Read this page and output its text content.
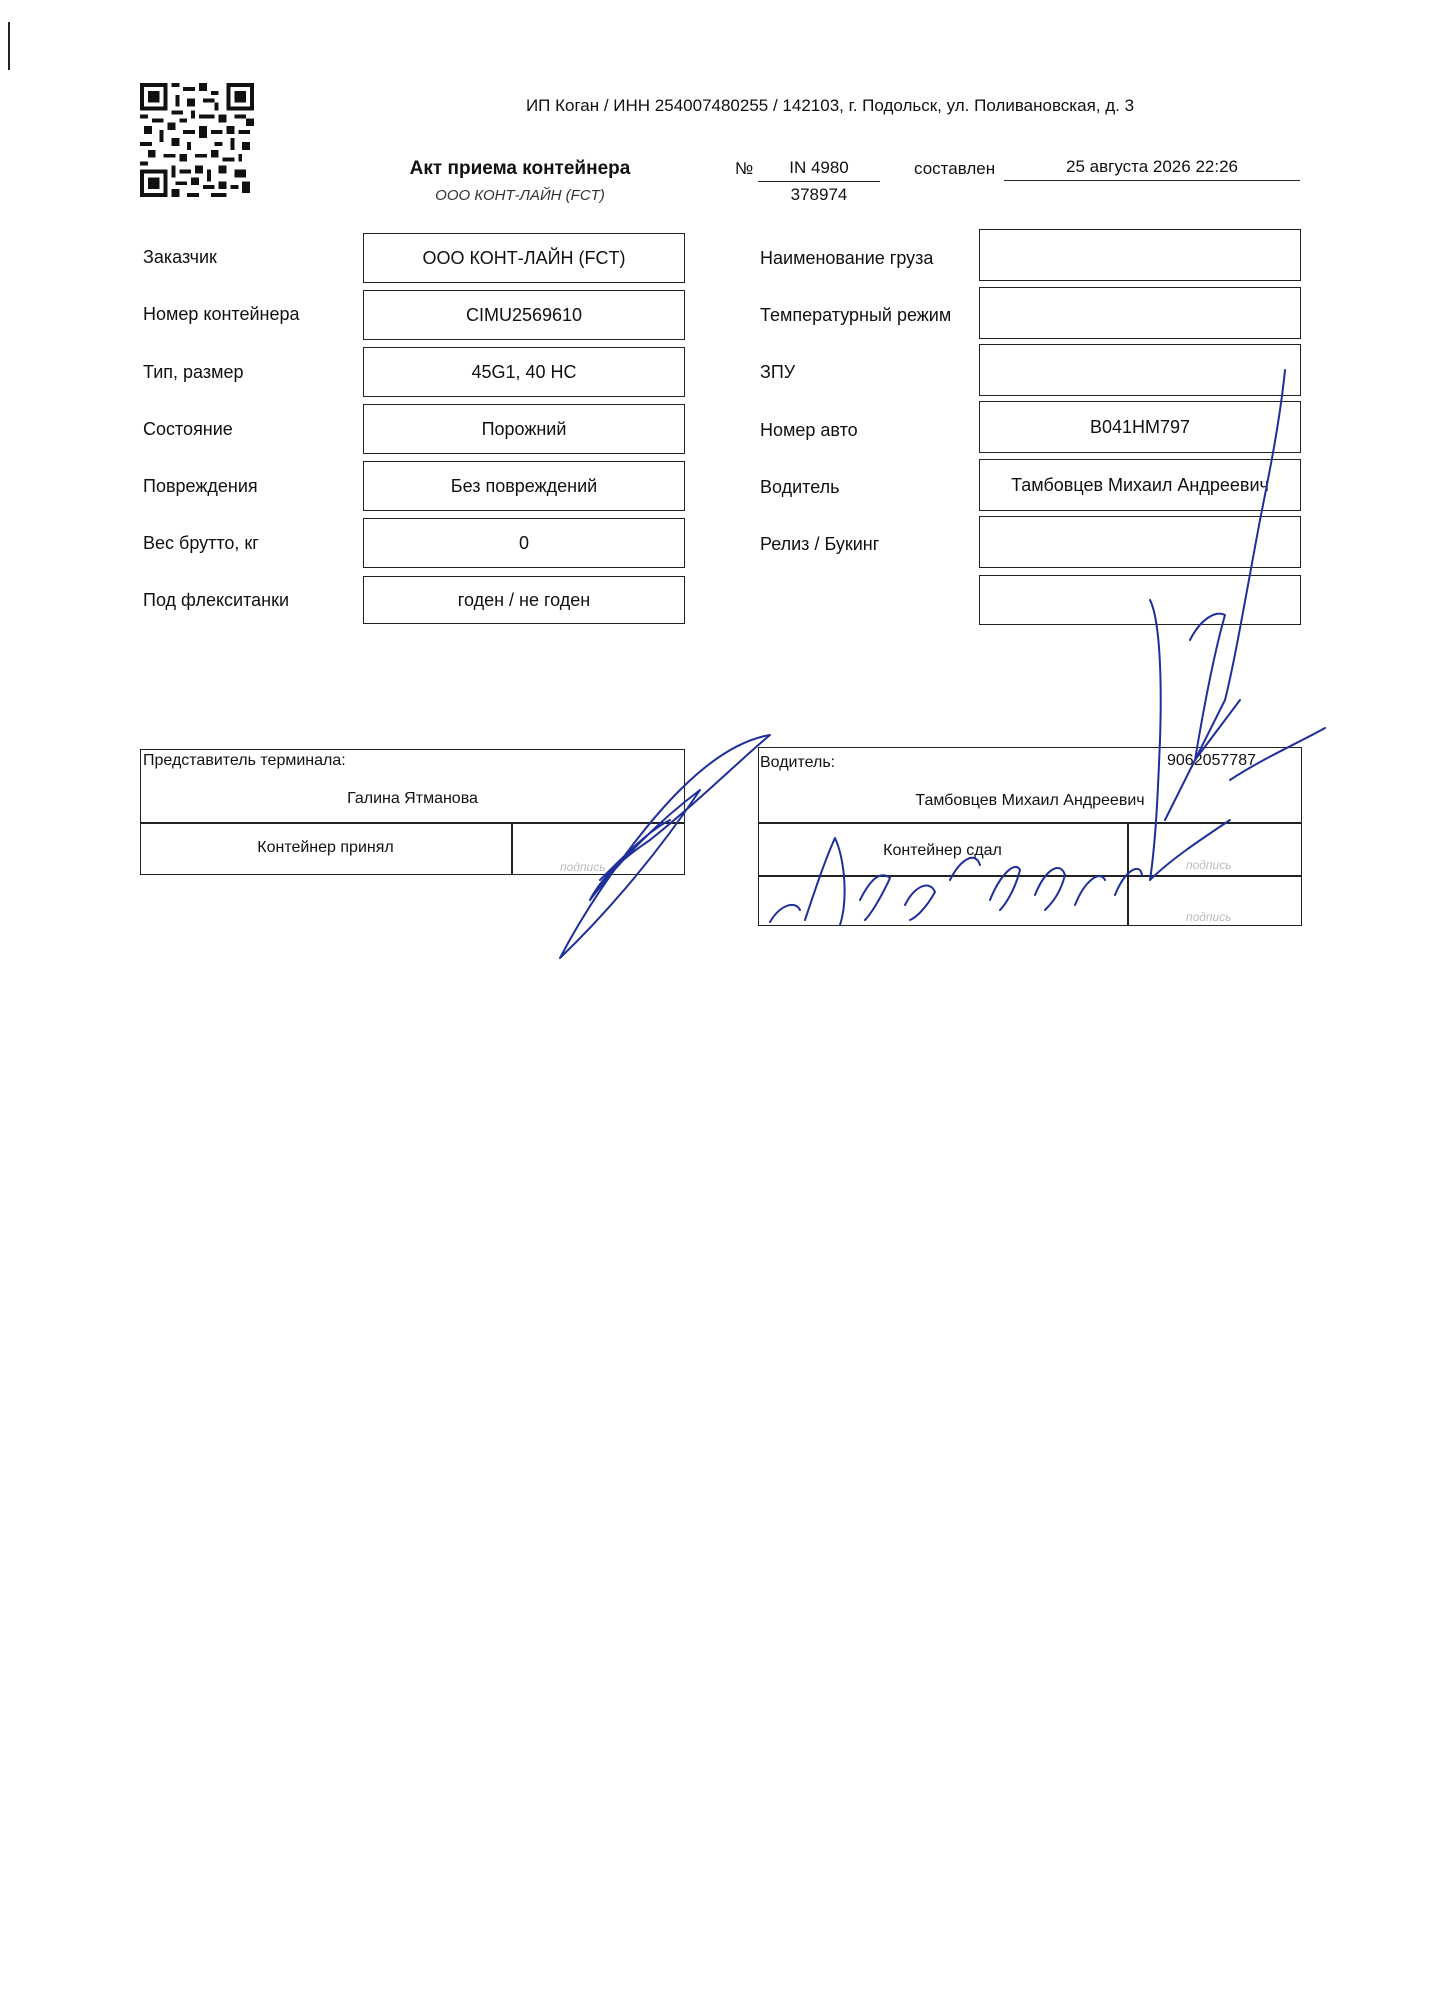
ИП Коган / ИНН 254007480255 / 142103, г. Подольск, ул. Поливановская, д. 3
Акт приема контейнера
ООО КОНТ-ЛАЙН (FCT)
№	IN 4980
378974
составлен	25 августа 2026 22:26
Заказчик	ООО КОНТ-ЛАЙН (FCT)
Номер контейнера	CIMU2569610
Тип, размер	45G1, 40 HC
Состояние	Порожний
Повреждения	Без повреждений
Вес брутто, кг	0
Под флекситанки	годен / не годен
Наименование груза
Температурный режим
ЗПУ
Номер авто	В041НМ797
Водитель	Тамбовцев Михаил Андреевич
Релиз / Букинг
Представитель терминала:
Галина Ятманова
Контейнер принял
подпись
Водитель:	9062057787
Тамбовцев Михаил Андреевич
Контейнер сдал
подпись
подпись
